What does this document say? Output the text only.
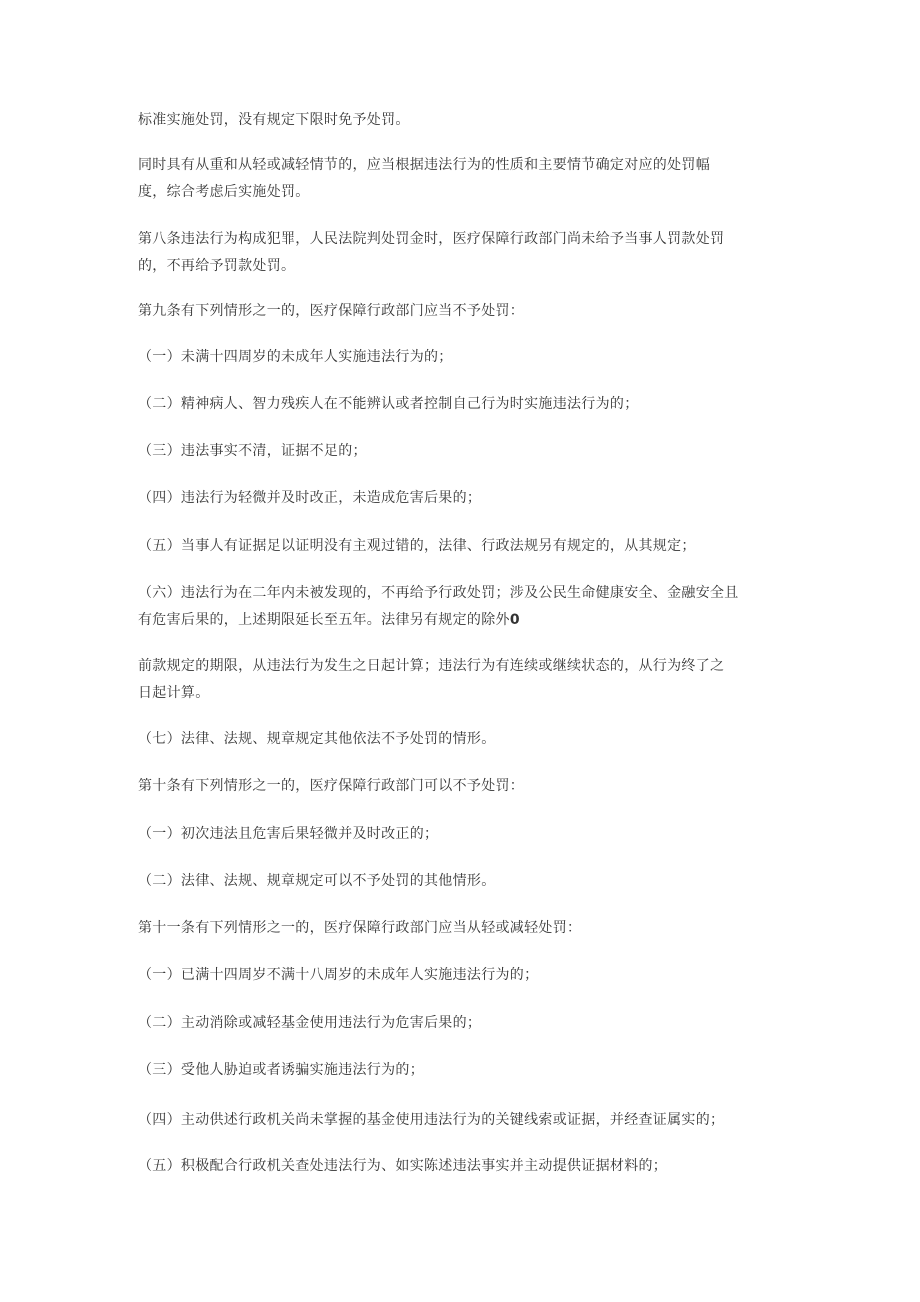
标准实施处罚，没有规定下限时免予处罚。

同时具有从重和从轻或减轻情节的，应当根据违法行为的性质和主要情节确定对应的处罚幅
度，综合考虑后实施处罚。

第八条违法行为构成犯罪，人民法院判处罚金时，医疗保障行政部门尚未给予当事人罚款处罚
的，不再给予罚款处罚。

第九条有下列情形之一的，医疗保障行政部门应当不予处罚：

（一）未满十四周岁的未成年人实施违法行为的；

（二）精神病人、智力残疾人在不能辨认或者控制自己行为时实施违法行为的；

（三）违法事实不清，证据不足的；

（四）违法行为轻微并及时改正，未造成危害后果的；

（五）当事人有证据足以证明没有主观过错的，法律、行政法规另有规定的，从其规定；

（六）违法行为在二年内未被发现的，不再给予行政处罚；涉及公民生命健康安全、金融安全且
有危害后果的，上述期限延长至五年。法律另有规定的除外0

前款规定的期限，从违法行为发生之日起计算；违法行为有连续或继续状态的，从行为终了之
日起计算。

（七）法律、法规、规章规定其他依法不予处罚的情形。

第十条有下列情形之一的，医疗保障行政部门可以不予处罚：

（一）初次违法且危害后果轻微并及时改正的；

（二）法律、法规、规章规定可以不予处罚的其他情形。

第十一条有下列情形之一的，医疗保障行政部门应当从轻或减轻处罚：

（一）已满十四周岁不满十八周岁的未成年人实施违法行为的；

（二）主动消除或减轻基金使用违法行为危害后果的；

（三）受他人胁迫或者诱骗实施违法行为的；

（四）主动供述行政机关尚未掌握的基金使用违法行为的关键线索或证据，并经查证属实的；

（五）积极配合行政机关查处违法行为、如实陈述违法事实并主动提供证据材料的；
